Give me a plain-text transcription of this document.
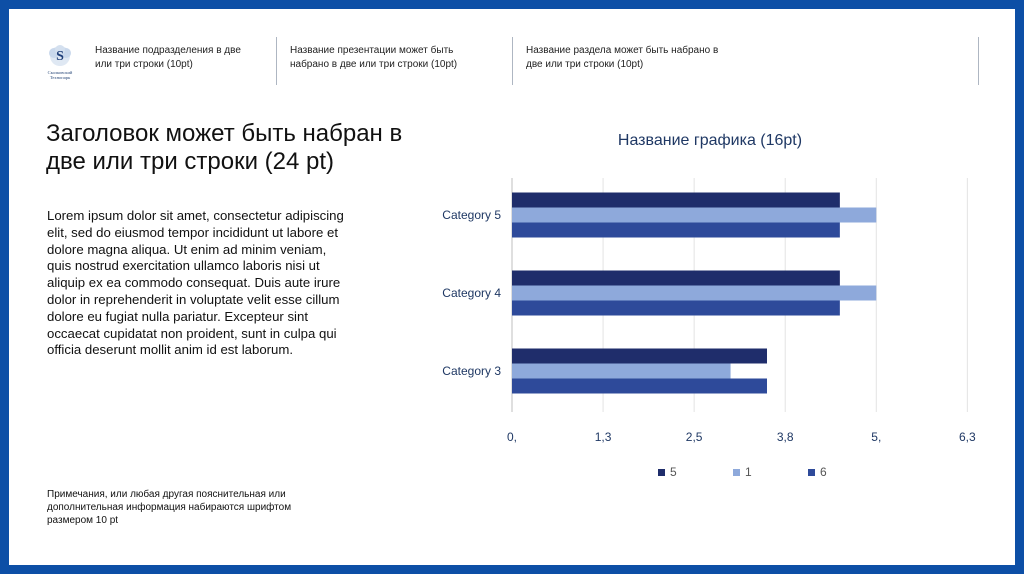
S
Сколковский
Технопарк
Название подразделения в две или три строки (10pt)
Название презентации может быть набрано в две или три строки (10pt)
Название раздела может быть набрано в две или три строки (10pt)
Заголовок может быть набран в две или три строки (24 pt)
Lorem ipsum dolor sit amet, consectetur adipiscing elit, sed do eiusmod tempor incididunt ut labore et dolore magna aliqua. Ut enim ad minim veniam, quis nostrud exercitation ullamco laboris nisi ut aliquip ex ea commodo consequat. Duis aute irure dolor in reprehenderit in voluptate velit esse cillum dolore eu fugiat nulla pariatur. Excepteur sint occaecat cupidatat non proident, sunt in culpa qui officia deserunt mollit anim id est laborum.
Примечания, или любая другая пояснительная или дополнительная информация набираются шрифтом размером 10 pt
Название графика (16pt)
0,	1,3	2,5	3,8	5,	6,3
Category 5
Category 4
Category 3
5	1	6
